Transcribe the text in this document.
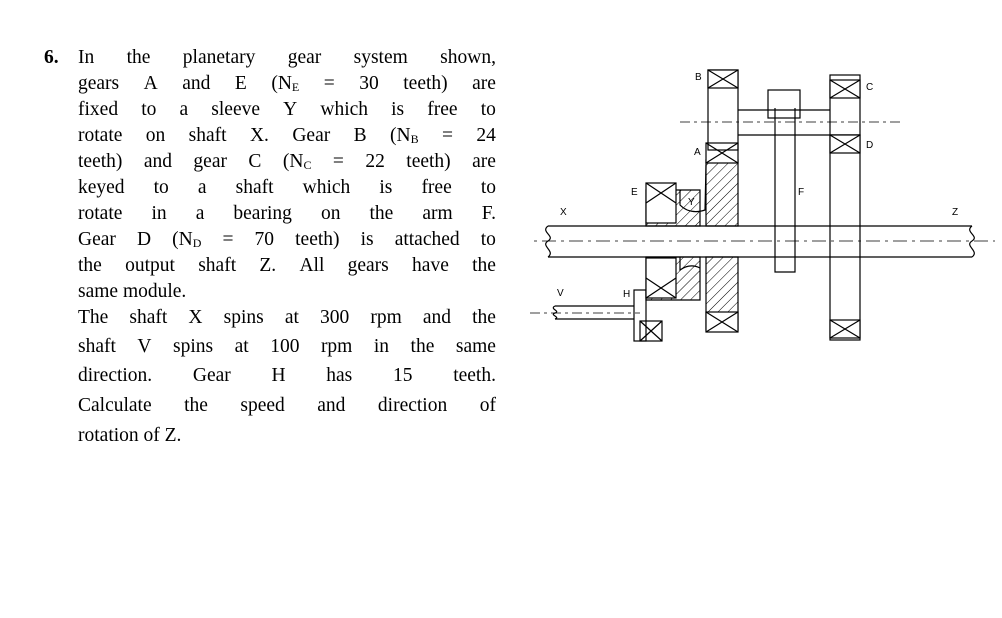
6. In the planetary gear system shown,
gears A and E (NE = 30 teeth) are
fixed to a sleeve Y which is free to
rotate on shaft X. Gear B (NB = 24
teeth) and gear C (NC = 22 teeth) are
keyed to a shaft which is free to
rotate in a bearing on the arm F.
Gear D (ND = 70 teeth) is attached to
the output shaft Z. All gears have the
same module.
The shaft X spins at 300 rpm and the
shaft V spins at 100 rpm in the same
direction. Gear H has 15 teeth.
Calculate the speed and direction of
rotation of Z.
B
C
A
D
E
Y
F
X	Z
V	H
